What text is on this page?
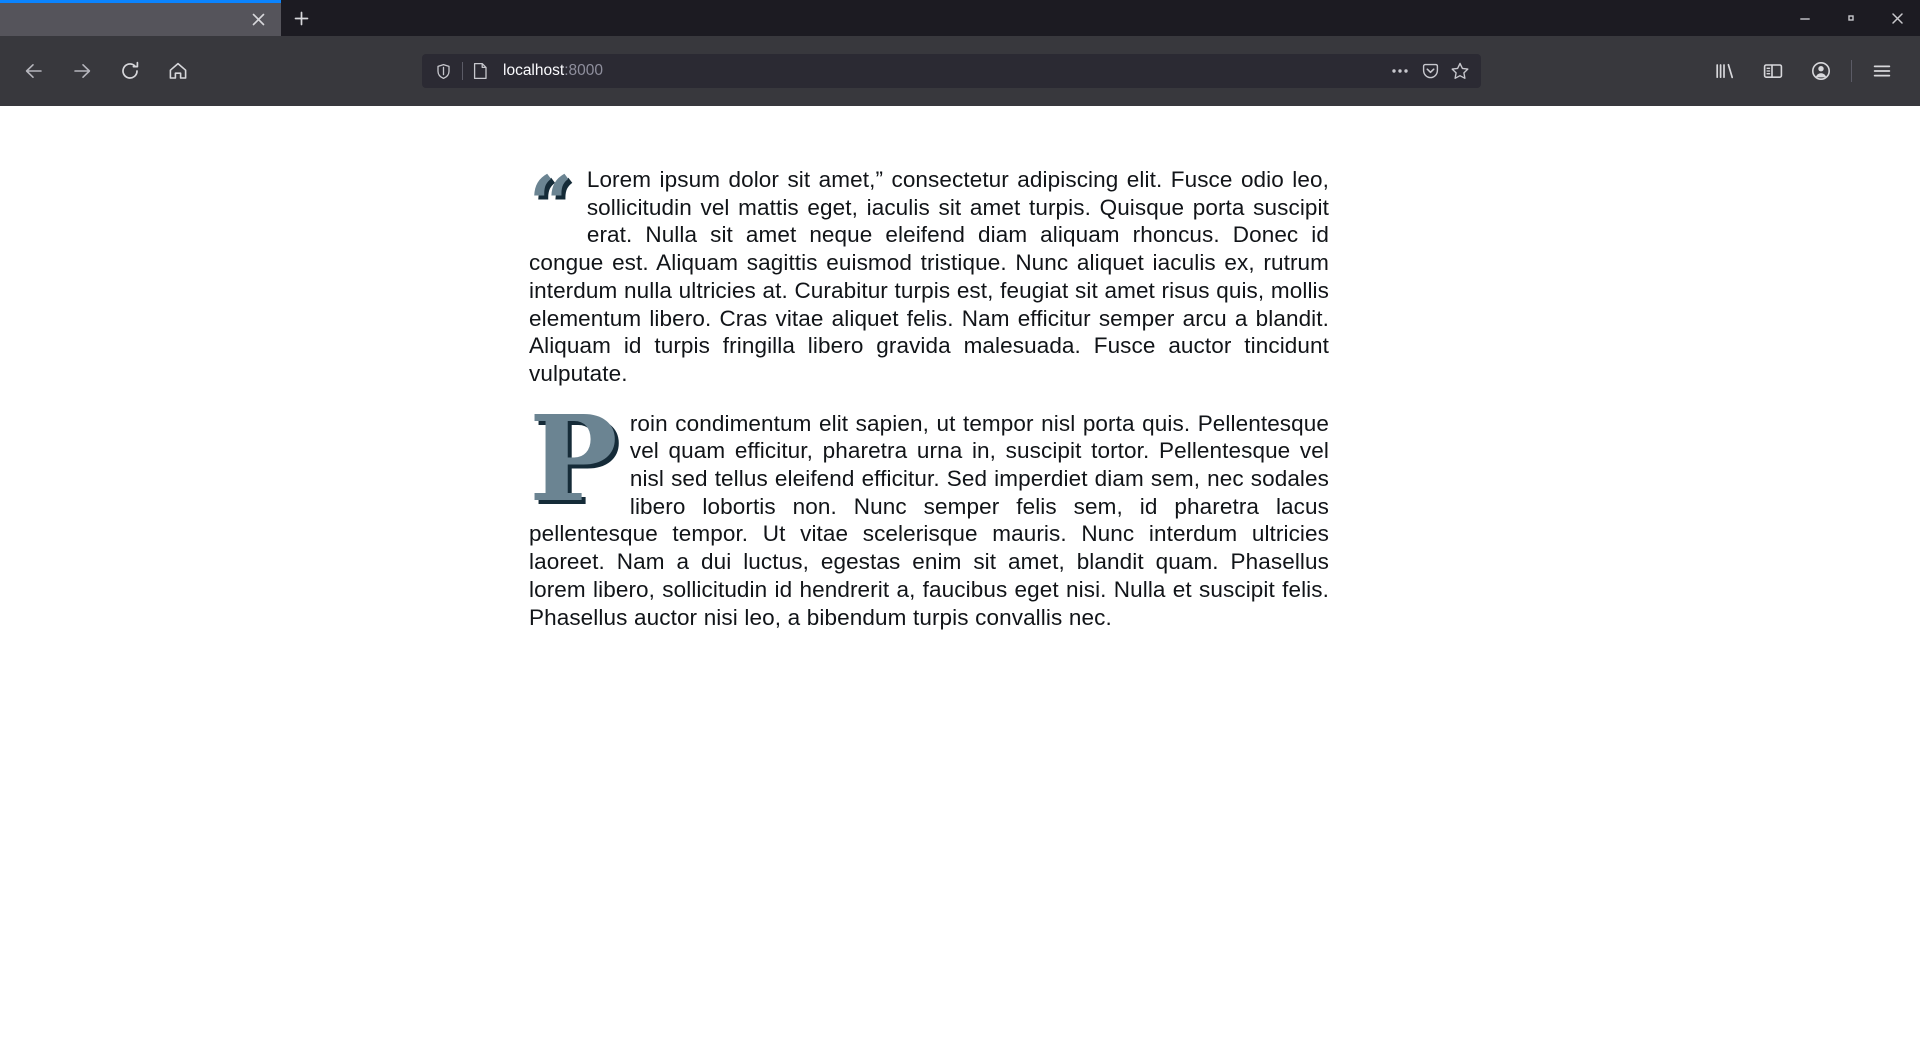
localhost:8000

“ Lorem ipsum dolor sit amet,” consectetur adipiscing elit. Fusce odio leo, sollicitudin vel mattis eget, iaculis sit amet turpis. Quisque porta suscipit erat. Nulla sit amet neque eleifend diam aliquam rhoncus. Donec id congue est. Aliquam sagittis euismod tristique. Nunc aliquet iaculis ex, rutrum interdum nulla ultricies at. Curabitur turpis est, feugiat sit amet risus quis, mollis elementum libero. Cras vitae aliquet felis. Nam efficitur semper arcu a blandit. Aliquam id turpis fringilla libero gravida malesuada. Fusce auctor tincidunt vulputate.

Proin condimentum elit sapien, ut tempor nisl porta quis. Pellentesque vel quam efficitur, pharetra urna in, suscipit tortor. Pellentesque vel nisl sed tellus eleifend efficitur. Sed imperdiet diam sem, nec sodales libero lobortis non. Nunc semper felis sem, id pharetra lacus pellentesque tempor. Ut vitae scelerisque mauris. Nunc interdum ultricies laoreet. Nam a dui luctus, egestas enim sit amet, blandit quam. Phasellus lorem libero, sollicitudin id hendrerit a, faucibus eget nisi. Nulla et suscipit felis. Phasellus auctor nisi leo, a bibendum turpis convallis nec.
